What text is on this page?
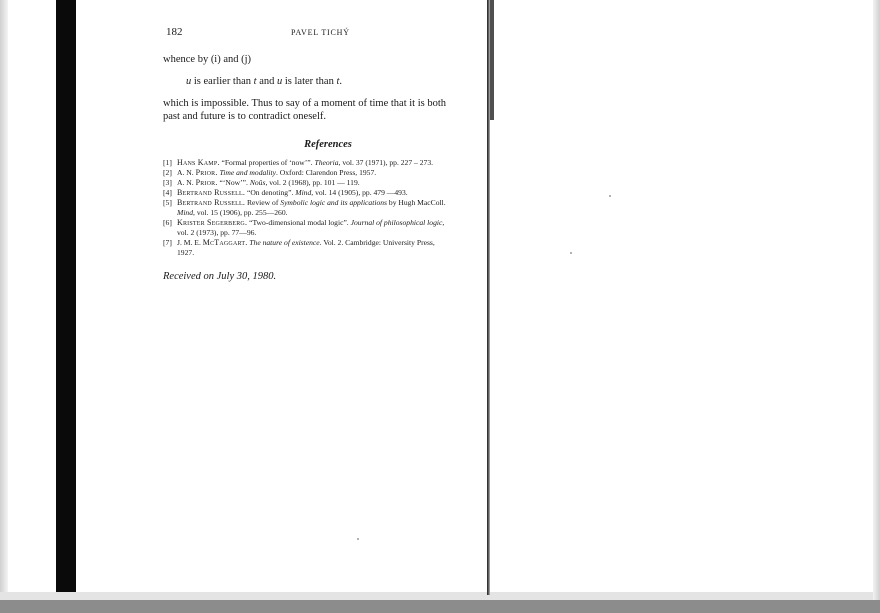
182	PAVEL TICHÝ
whence by (i) and (j)
u is earlier than t and u is later than t.
which is impossible. Thus to say of a moment of time that it is both
past and future is to contradict oneself.
References
[1] Hans Kamp. “Formal properties of ‘now’”. Theoria, vol. 37 (1971), pp. 227 – 273.
[2] A. N. Prior. Time and modality. Oxford: Clarendon Press, 1957.
[3] A. N. Prior. “‘Now’”. Noûs, vol. 2 (1968), pp. 101 — 119.
[4] Bertrand Russell. “On denoting”. Mind, vol. 14 (1905), pp. 479 —493.
[5] Bertrand Russell. Review of Symbolic logic and its applications by Hugh MacColl.
Mind, vol. 15 (1906), pp. 255—260.
[6] Krister Segerberg. “Two-dimensional modal logic”. Journal of philosophical logic,
vol. 2 (1973), pp. 77—96.
[7] J. M. E. McTaggart. The nature of existence. Vol. 2. Cambridge: University Press,
1927.
Received on July 30, 1980.
